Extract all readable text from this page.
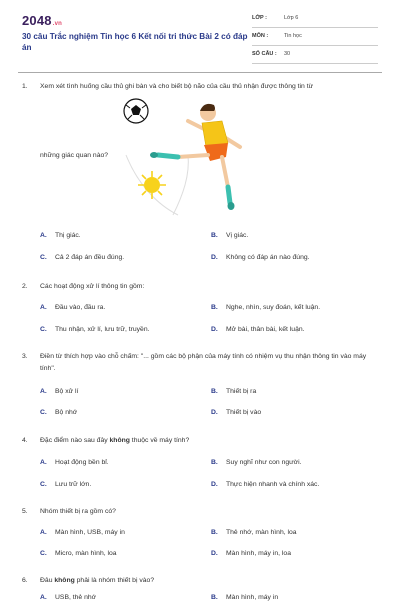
2048.vn
30 câu Trắc nghiệm Tin học 6 Kết nối tri thức Bài 2 có đáp án
LỚP :	Lớp 6
MÔN :	Tin học
SỐ CÂU : 30
1. Xem xét tình huống cầu thủ ghi bàn và cho biết bộ não của cầu thủ nhận được thông tin từ
những giác quan nào?
A. Thị giác.	B. Vị giác.
C. Cả 2 đáp án đều đúng.	D. Không có đáp án nào đúng.
2. Các hoạt động xử lí thông tin gồm:
A. Đầu vào, đầu ra.	B. Nghe, nhìn, suy đoán, kết luận.
C. Thu nhận, xử lí, lưu trữ, truyền.	D. Mở bài, thân bài, kết luận.
3. Điền từ thích hợp vào chỗ chấm: "... gồm các bộ phận của máy tính có nhiệm vụ thu nhận thông tin vào máy tính".
A. Bộ xử lí	B. Thiết bị ra
C. Bộ nhớ	D. Thiết bị vào
4. Đặc điểm nào sau đây không thuộc về máy tính?
A. Hoạt động bền bỉ.	B. Suy nghĩ như con người.
C. Lưu trữ lớn.	D. Thực hiện nhanh và chính xác.
5. Nhóm thiết bị ra gồm có?
A. Màn hình, USB, máy in	B. Thẻ nhớ, màn hình, loa
C. Micro, màn hình, loa	D. Màn hình, máy in, loa
6. Đâu không phải là nhóm thiết bị vào?
A. USB, thẻ nhớ	B. Màn hình, máy in
